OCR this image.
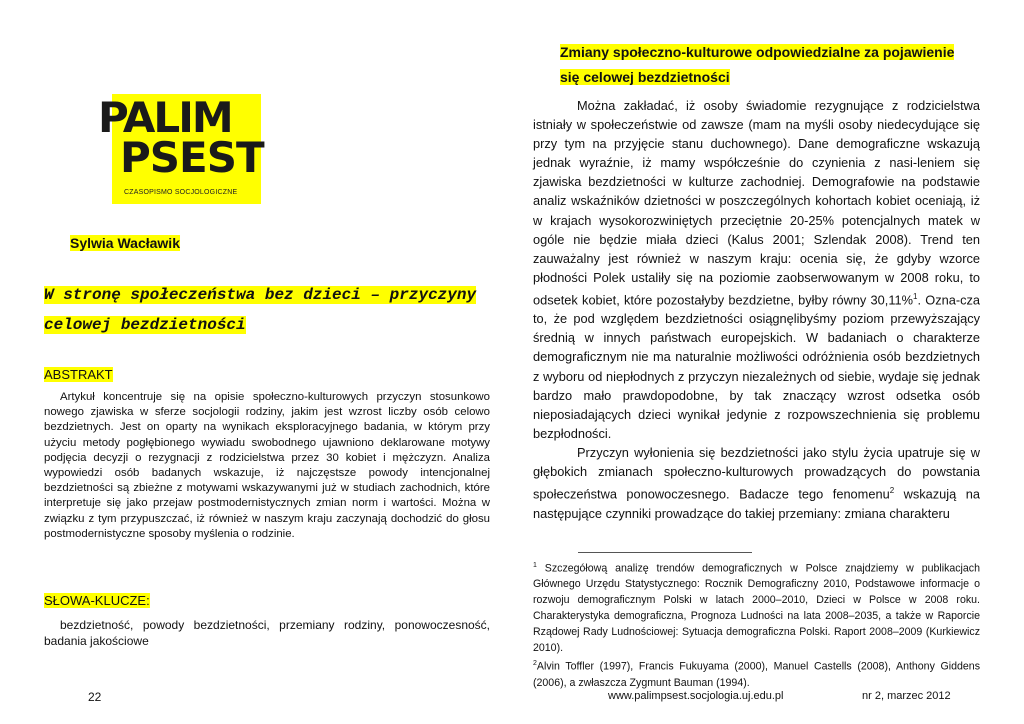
PALIM
PSEST
CZASOPISMO SOCJOLOGICZNE
Sylwia Wacławik
W stronę społeczeństwa bez dzieci – przyczyny
celowej bezdzietności
ABSTRAKT
Artykuł koncentruje się na opisie społeczno-kulturowych przyczyn stosunkowo nowego zjawiska w sferze socjologii rodziny, jakim jest wzrost liczby osób celowo bezdzietnych. Jest on oparty na wynikach eksploracyjnego badania, w którym przy użyciu metody pogłębionego wywiadu swobodnego ujawniono deklarowane motywy podjęcia decyzji o rezygnacji z rodzicielstwa przez 30 kobiet i mężczyzn. Analiza wypowiedzi osób badanych wskazuje, iż najczęstsze powody intencjonalnej bezdzietności są zbieżne z motywami wskazywanymi już w studiach zachodnich, które interpretuje się jako przejaw postmodernistycznych zmian norm i wartości. Można w związku z tym przypuszczać, iż również w naszym kraju zaczynają dochodzić do głosu postmodernistyczne sposoby myślenia o rodzinie.
SŁOWA-KLUCZE:
bezdzietność, powody bezdzietności, przemiany rodziny, ponowoczesność, badania jakościowe
Zmiany społeczno-kulturowe odpowiedzialne za pojawienie
się celowej bezdzietności

Można zakładać, iż osoby świadomie rezygnujące z rodzicielstwa istniały w społeczeństwie od zawsze (mam na myśli osoby niedecydujące się przy tym na przyjęcie stanu duchownego). Dane demograficzne wskazują jednak wyraźnie, iż mamy współcześnie do czynienia z nasi-leniem się zjawiska bezdzietności w kulturze zachodniej. Demografowie na podstawie analiz wskaźników dzietności w poszczególnych kohortach kobiet oceniają, iż w krajach wysokorozwiniętych przeciętnie 20-25% potencjalnych matek w ogóle nie będzie miała dzieci (Kalus 2001; Szlendak 2008). Trend ten zauważalny jest również w naszym kraju: ocenia się, że gdyby wzorce płodności Polek ustaliły się na poziomie zaobserwowanym w 2008 roku, to odsetek kobiet, które pozostałyby bezdzietne, byłby równy 30,11%$^1$. Ozna-cza to, że pod względem bezdzietności osiągnęlibyśmy poziom przewyższający średnią w innych państwach europejskich. W badaniach o charakterze demograficznym nie ma naturalnie możliwości odróżnienia osób bezdzietnych z wyboru od niepłodnych z przyczyn niezależnych od siebie, wydaje się jednak bardzo mało prawdopodobne, by tak znaczący wzrost odsetka osób nieposiadających dzieci wynikał jedynie z rozpowszechnienia się problemu bezpłodności.

Przyczyn wyłonienia się bezdzietności jako stylu życia upatruje się w głębokich zmianach społeczno-kulturowych prowadzących do powstania społeczeństwa ponowoczesnego. Badacze tego fenomenu$^2$ wskazują na następujące czynniki prowadzące do takiej przemiany: zmiana charakteru

$^1$ Szczegółową analizę trendów demograficznych w Polsce znajdziemy w publikacjach Głównego Urzędu Statystycznego: Rocznik Demograficzny 2010, Podstawowe informacje o rozwoju demograficznym Polski w latach 2000–2010, Dzieci w Polsce w 2008 roku. Charakterystyka demograficzna, Prognoza Ludności na lata 2008–2035, a także w Raporcie Rządowej Rady Ludnościowej: Sytuacja demograficzna Polski. Raport 2008–2009 (Kurkiewicz 2010).

$^2$Alvin Toffler (1997), Francis Fukuyama (2000), Manuel Castells (2008), Anthony Giddens (2006), a zwłaszcza Zygmunt Bauman (1994).

22	www.palimpsest.socjologia.uj.edu.pl	nr 2, marzec 2012
